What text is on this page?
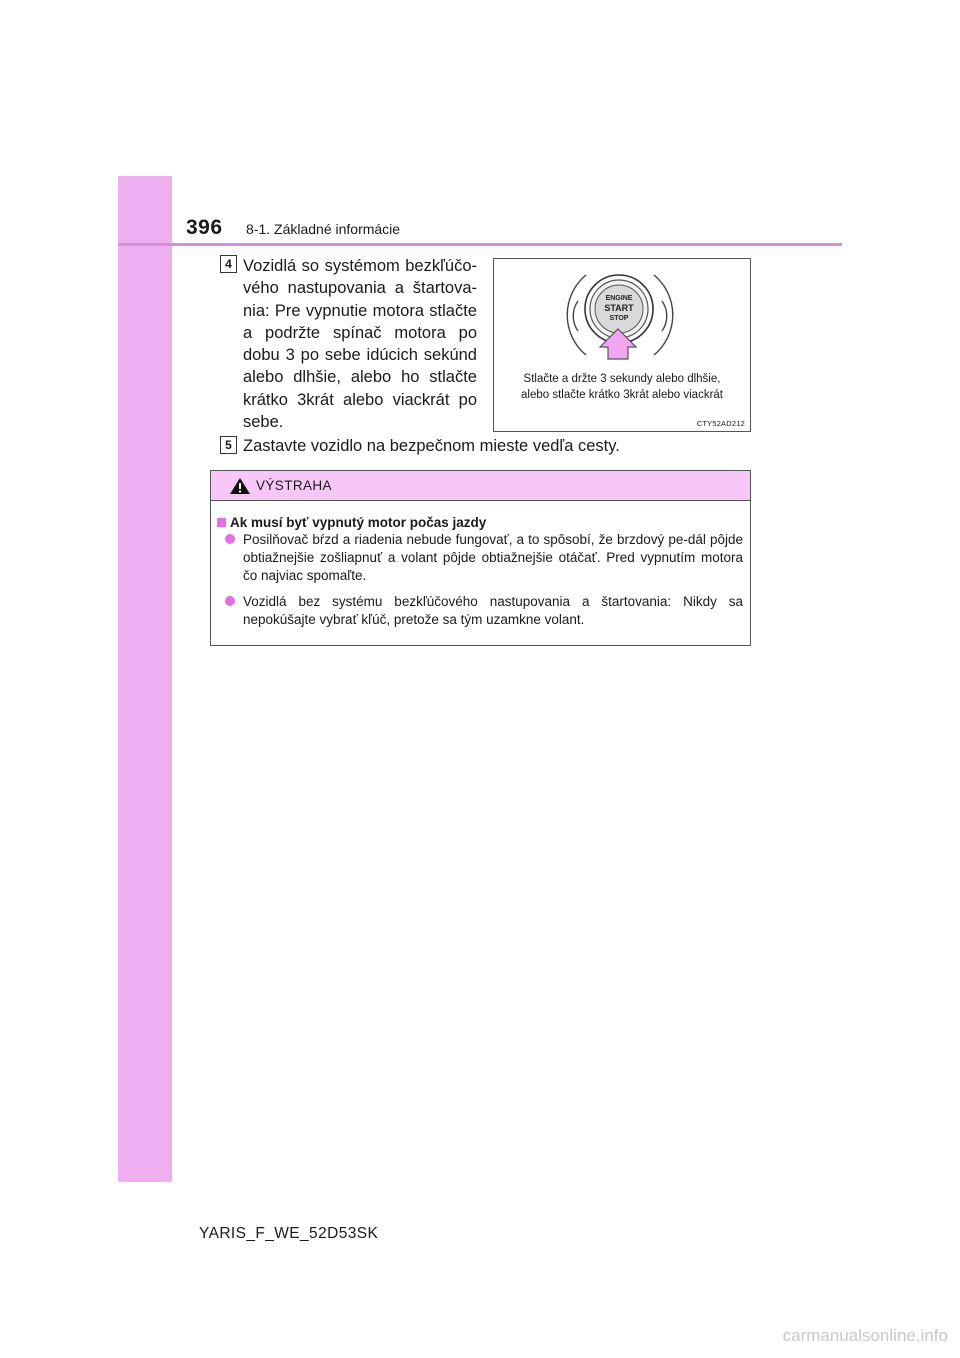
396 8-1. Základné informácie
4 Vozidlá so systémom bezkľúčo-vého nastupovania a štartova-nia: Pre vypnutie motora stlačte a podržte spínač motora po dobu 3 po sebe idúcich sekúnd alebo dlhšie, alebo ho stlačte krátko 3krát alebo viackrát po sebe.

ENGINE
START
STOP
Stlačte a držte 3 sekundy alebo dlhšie,
alebo stlačte krátko 3krát alebo viackrát
CTY52AD212
5 Zastavte vozidlo na bezpečnom mieste vedľa cesty.

VÝSTRAHA
Ak musí byť vypnutý motor počas jazdy

Posilňovač bŕzd a riadenia nebude fungovať, a to spôsobí, že brzdový pe-dál pôjde obtiažnejšie zošliapnuť a volant pôjde obtiažnejšie otáčať. Pred vypnutím motora čo najviac spomaľte.

Vozidlá bez systému bezkľúčového nastupovania a štartovania: Nikdy sa nepokúšajte vybrať kľúč, pretože sa tým uzamkne volant.

YARIS_F_WE_52D53SK
carmanualsonline.info
